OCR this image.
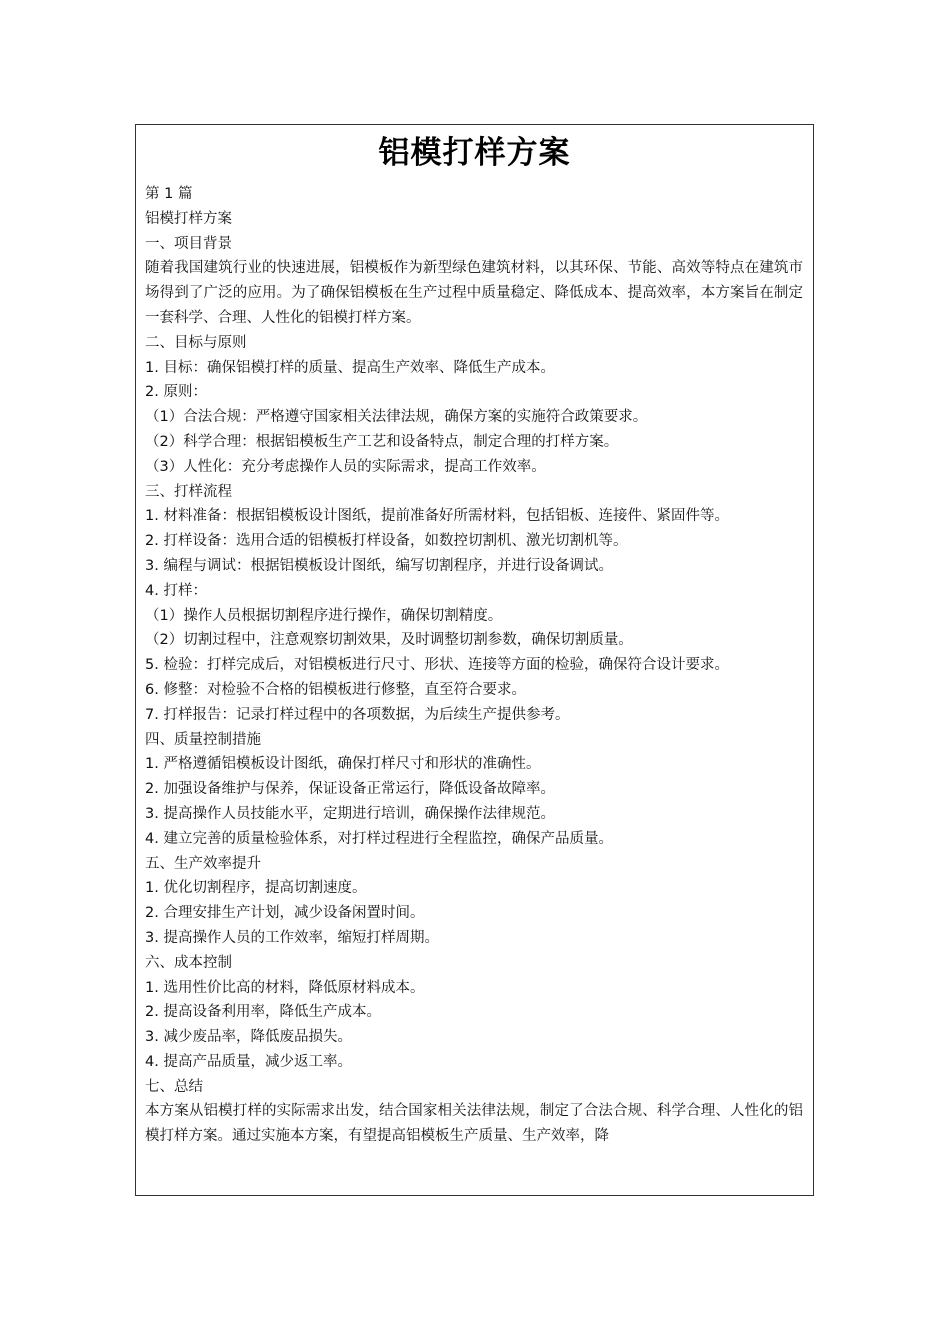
铝模打样方案

第 1 篇

铝模打样方案

一、项目背景

随着我国建筑行业的快速进展，铝模板作为新型绿色建筑材料，以其环保、节能、高效等特点在建筑市场得到了广泛的应用。为了确保铝模板在生产过程中质量稳定、降低成本、提高效率，本方案旨在制定一套科学、合理、人性化的铝模打样方案。

二、目标与原则

1. 目标：确保铝模打样的质量、提高生产效率、降低生产成本。

2. 原则：

（1）合法合规：严格遵守国家相关法律法规，确保方案的实施符合政策要求。

（2）科学合理：根据铝模板生产工艺和设备特点，制定合理的打样方案。

（3）人性化：充分考虑操作人员的实际需求，提高工作效率。

三、打样流程

1. 材料准备：根据铝模板设计图纸，提前准备好所需材料，包括铝板、连接件、紧固件等。

2. 打样设备：选用合适的铝模板打样设备，如数控切割机、激光切割机等。

3. 编程与调试：根据铝模板设计图纸，编写切割程序，并进行设备调试。

4. 打样：

（1）操作人员根据切割程序进行操作，确保切割精度。

（2）切割过程中，注意观察切割效果，及时调整切割参数，确保切割质量。

5. 检验：打样完成后，对铝模板进行尺寸、形状、连接等方面的检验，确保符合设计要求。

6. 修整：对检验不合格的铝模板进行修整，直至符合要求。

7. 打样报告：记录打样过程中的各项数据，为后续生产提供参考。

四、质量控制措施

1. 严格遵循铝模板设计图纸，确保打样尺寸和形状的准确性。

2. 加强设备维护与保养，保证设备正常运行，降低设备故障率。

3. 提高操作人员技能水平，定期进行培训，确保操作法律规范。

4. 建立完善的质量检验体系，对打样过程进行全程监控，确保产品质量。

五、生产效率提升

1. 优化切割程序，提高切割速度。

2. 合理安排生产计划，减少设备闲置时间。

3. 提高操作人员的工作效率，缩短打样周期。

六、成本控制

1. 选用性价比高的材料，降低原材料成本。

2. 提高设备利用率，降低生产成本。

3. 减少废品率，降低废品损失。

4. 提高产品质量，减少返工率。

七、总结

本方案从铝模打样的实际需求出发，结合国家相关法律法规，制定了合法合规、科学合理、人性化的铝模打样方案。通过实施本方案，有望提高铝模板生产质量、生产效率，降
